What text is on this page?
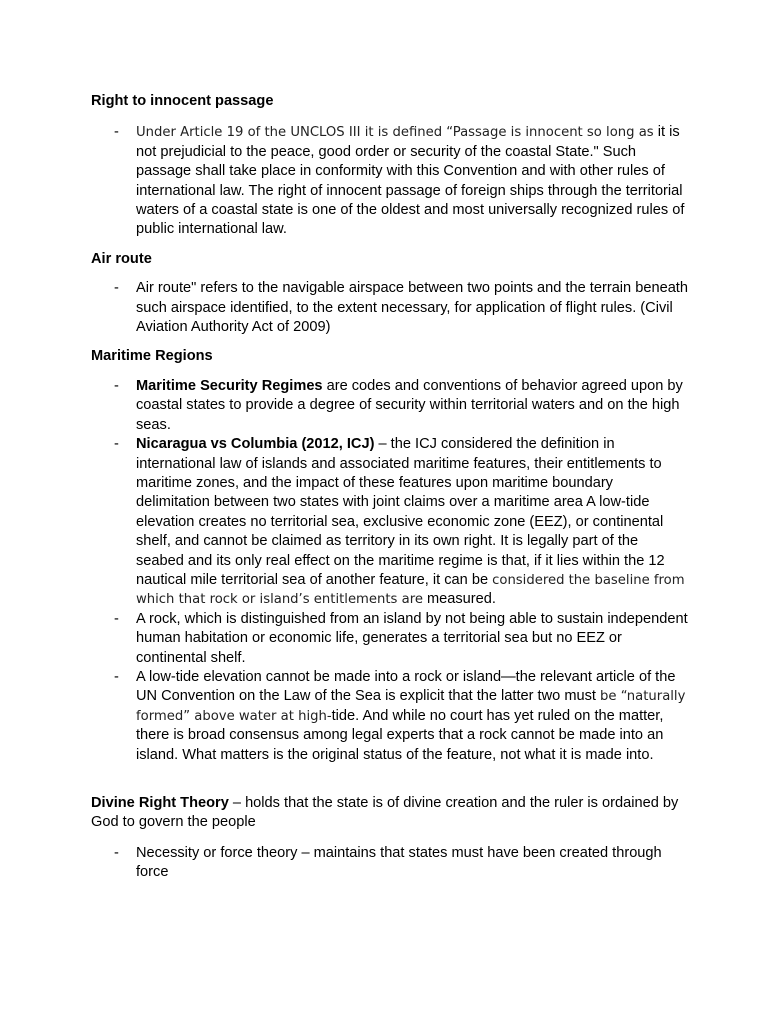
Right to innocent passage
- Under Article 19 of the UNCLOS III it is defined “Passage is innocent so long as it is not prejudicial to the peace, good order or security of the coastal State." Such passage shall take place in conformity with this Convention and with other rules of international law. The right of innocent passage of foreign ships through the territorial waters of a coastal state is one of the oldest and most universally recognized rules of public international law.
Air route
- Air route" refers to the navigable airspace between two points and the terrain beneath such airspace identified, to the extent necessary, for application of flight rules. (Civil Aviation Authority Act of 2009)
Maritime Regions
- Maritime Security Regimes are codes and conventions of behavior agreed upon by coastal states to provide a degree of security within territorial waters and on the high seas.
- Nicaragua vs Columbia (2012, ICJ) – the ICJ considered the definition in international law of islands and associated maritime features, their entitlements to maritime zones, and the impact of these features upon maritime boundary delimitation between two states with joint claims over a maritime area A low-tide elevation creates no territorial sea, exclusive economic zone (EEZ), or continental shelf, and cannot be claimed as territory in its own right. It is legally part of the seabed and its only real effect on the maritime regime is that, if it lies within the 12 nautical mile territorial sea of another feature, it can be considered the baseline from which that rock or island’s entitlements are measured.
- A rock, which is distinguished from an island by not being able to sustain independent human habitation or economic life, generates a territorial sea but no EEZ or continental shelf.
- A low-tide elevation cannot be made into a rock or island—the relevant article of the UN Convention on the Law of the Sea is explicit that the latter two must be “naturally formed” above water at high-tide. And while no court has yet ruled on the matter, there is broad consensus among legal experts that a rock cannot be made into an island. What matters is the original status of the feature, not what it is made into.

Divine Right Theory – holds that the state is of divine creation and the ruler is ordained by God to govern the people

- Necessity or force theory – maintains that states must have been created through force
